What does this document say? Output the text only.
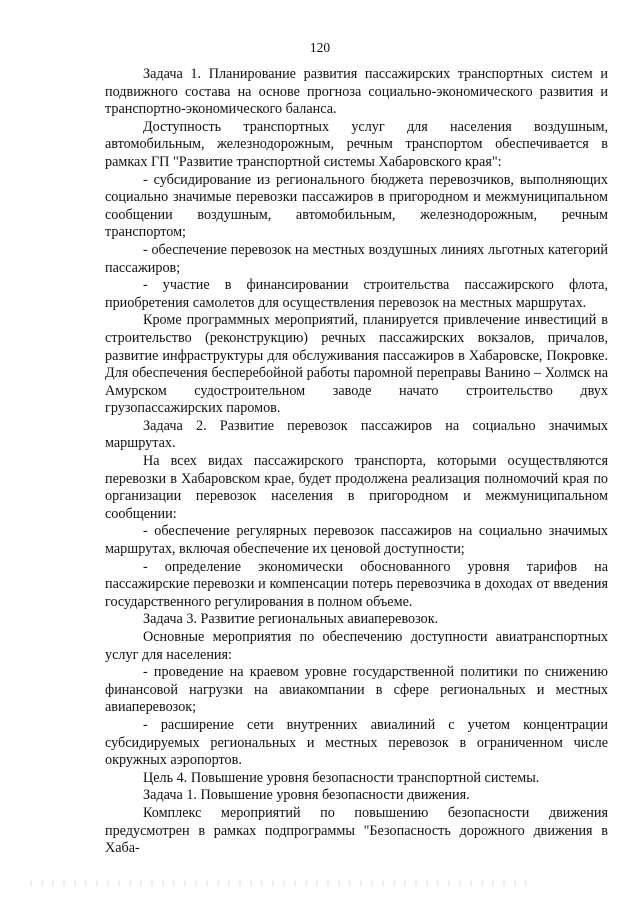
120

Задача 1. Планирование развития пассажирских транспортных систем и подвижного состава на основе прогноза социально-экономического развития и транспортно-экономического баланса.

Доступность транспортных услуг для населения воздушным, автомобильным, железнодорожным, речным транспортом обеспечивается в рамках ГП "Развитие транспортной системы Хабаровского края":

- субсидирование из регионального бюджета перевозчиков, выполняющих социально значимые перевозки пассажиров в пригородном и межмуниципальном сообщении воздушным, автомобильным, железнодорожным, речным транспортом;

- обеспечение перевозок на местных воздушных линиях льготных категорий пассажиров;

- участие в финансировании строительства пассажирского флота, приобретения самолетов для осуществления перевозок на местных маршрутах.

Кроме программных мероприятий, планируется привлечение инвестиций в строительство (реконструкцию) речных пассажирских вокзалов, причалов, развитие инфраструктуры для обслуживания пассажиров в Хабаровске, Покровке. Для обеспечения бесперебойной работы паромной переправы Ванино – Холмск на Амурском судостроительном заводе начато строительство двух грузопассажирских паромов.

Задача 2. Развитие перевозок пассажиров на социально значимых маршрутах.

На всех видах пассажирского транспорта, которыми осуществляются перевозки в Хабаровском крае, будет продолжена реализация полномочий края по организации перевозок населения в пригородном и межмуниципальном сообщении:

- обеспечение регулярных перевозок пассажиров на социально значимых маршрутах, включая обеспечение их ценовой доступности;

- определение экономически обоснованного уровня тарифов на пассажирские перевозки и компенсации потерь перевозчика в доходах от введения государственного регулирования в полном объеме.

Задача 3. Развитие региональных авиаперевозок.

Основные мероприятия по обеспечению доступности авиатранспортных услуг для населения:

- проведение на краевом уровне государственной политики по снижению финансовой нагрузки на авиакомпании в сфере региональных и местных авиаперевозок;

- расширение сети внутренних авиалиний с учетом концентрации субсидируемых региональных и местных перевозок в ограниченном числе окружных аэропортов.

Цель 4. Повышение уровня безопасности транспортной системы.

Задача 1. Повышение уровня безопасности движения.

Комплекс мероприятий по повышению безопасности движения предусмотрен в рамках подпрограммы "Безопасность дорожного движения в Хаба-
